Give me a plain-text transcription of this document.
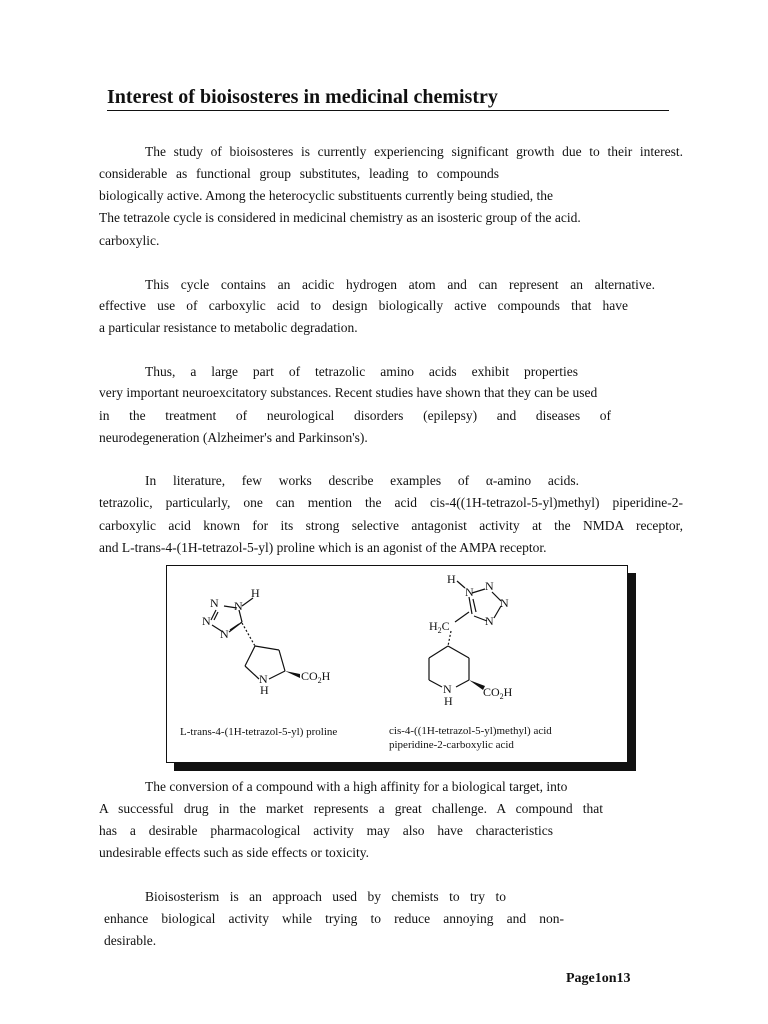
Interest of bioisosteres in medicinal chemistry

The study of bioisosteres is currently experiencing significant growth due to their interest.

considerable as functional group substitutes, leading to compounds

biologically active. Among the heterocyclic substituents currently being studied, the

The tetrazole cycle is considered in medicinal chemistry as an isosteric group of the acid.

carboxylic.

This cycle contains an acidic hydrogen atom and can represent an alternative.

effective use of carboxylic acid to design biologically active compounds that have

a particular resistance to metabolic degradation.

Thus, a large part of tetrazolic amino acids exhibit properties

very important neuroexcitatory substances. Recent studies have shown that they can be used

in the treatment of neurological disorders (epilepsy) and diseases of

neurodegeneration (Alzheimer's and Parkinson's).

In literature, few works describe examples of α-amino acids.

tetrazolic, particularly, one can mention the acid cis-4((1H-tetrazol-5-yl)methyl) piperidine-2-

carboxylic acid known for its strong selective antagonist activity at the NMDA receptor,

and L-trans-4-(1H-tetrazol-5-yl) proline which is an agonist of the AMPA receptor.

N N
N
N
H
N
H
$CO_2H$
N N
N
N
H
$H_2C$
N
H
$CO_2H$
L-trans-4-(1H-tetrazol-5-yl) proline	cis-4-((1H-tetrazol-5-yl)methyl) acid
piperidine-2-carboxylic acid

The conversion of a compound with a high affinity for a biological target, into

A successful drug in the market represents a great challenge. A compound that

has a desirable pharmacological activity may also have characteristics

undesirable effects such as side effects or toxicity.

Bioisosterism is an approach used by chemists to try to

enhance biological activity while trying to reduce annoying and non-

desirable.

Page1on13
